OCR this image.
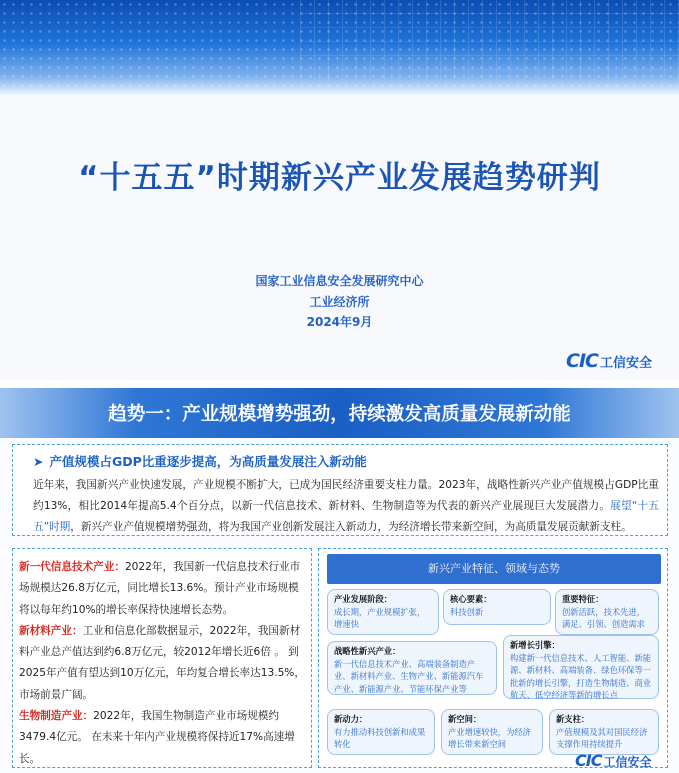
“十五五”时期新兴产业发展趋势研判
国家工业信息安全发展研究中心
工业经济所
2024年9月
CIC 工信安全
趋势一：产业规模增势强劲，持续激发高质量发展新动能
➤ 产值规模占GDP比重逐步提高，为高质量发展注入新动能
近年来，我国新兴产业快速发展，产业规模不断扩大，已成为国民经济重要支柱力量。2023年，战略性新兴产业产值规模占GDP比重约13%，相比2014年提高5.4个百分点，以新一代信息技术、新材料、生物制造等为代表的新兴产业展现巨大发展潜力。展望“十五五”时期，新兴产业产值规模增势强劲，将为我国产业创新发展注入新动力，为经济增长带来新空间，为高质量发展贡献新支柱。
新一代信息技术产业：2022年，我国新一代信息技术行业市场规模达26.8万亿元，同比增长13.6%。预计产业市场规模将以每年约10%的增长率保持快速增长态势。
新材料产业：工业和信息化部数据显示，2022年，我国新材料产业总产值达到约6.8万亿元，较2012年增长近6倍 。 到2025年产值有望达到10万亿元，年均复合增长率达13.5%，市场前景广阔。
生物制造产业：2022年，我国生物制造产业市场规模约3479.4亿元。 在未来十年内产业规模将保持近17%高速增长。
新兴产业特征、领域与态势
产业发展阶段：
成长期，产业规模扩张，增速快
核心要素：
科技创新
重要特征：
创新活跃，技术先进，满足、引领、创造需求
战略性新兴产业：
新一代信息技术产业、高端装备制造产业、新材料产业、生物产业、新能源汽车产业、新能源产业、节能环保产业等
新增长引擎：
构建新一代信息技术、人工智能、新能源、新材料、高端装备、绿色环保等一批新的增长引擎，打造生物制造、商业航天、低空经济等新的增长点
新动力：
有力推动科技创新和成果转化
新空间：
产业增速较快，为经济增长带来新空间
新支柱：
产值规模及其对国民经济支撑作用持续提升
CIC 工信安全
